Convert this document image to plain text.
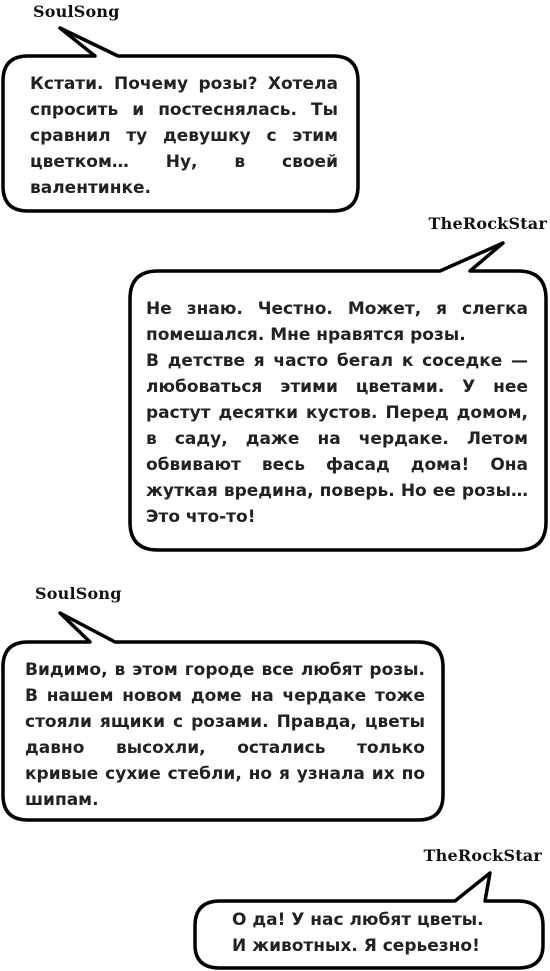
SoulSong

Кстати. Почему розы? Хотела спросить и постеснялась. Ты сравнил ту девушку с этим цветком… Ну, в своей валентинке.

TheRockStar

Не знаю. Честно. Может, я слегка помешался. Мне нравятся розы.

В детстве я часто бегал к соседке — любоваться этими цветами. У нее растут десятки кустов. Перед домом, в саду, даже на чердаке. Летом обвивают весь фасад дома! Она жуткая вредина, поверь. Но ее розы… Это что-то!

SoulSong

Видимо, в этом городе все любят розы. В нашем новом доме на чердаке тоже стояли ящики с розами. Правда, цветы давно высохли, остались только кривые сухие стебли, но я узнала их по шипам.

TheRockStar

О да! У нас любят цветы.

И животных. Я серьезно!
